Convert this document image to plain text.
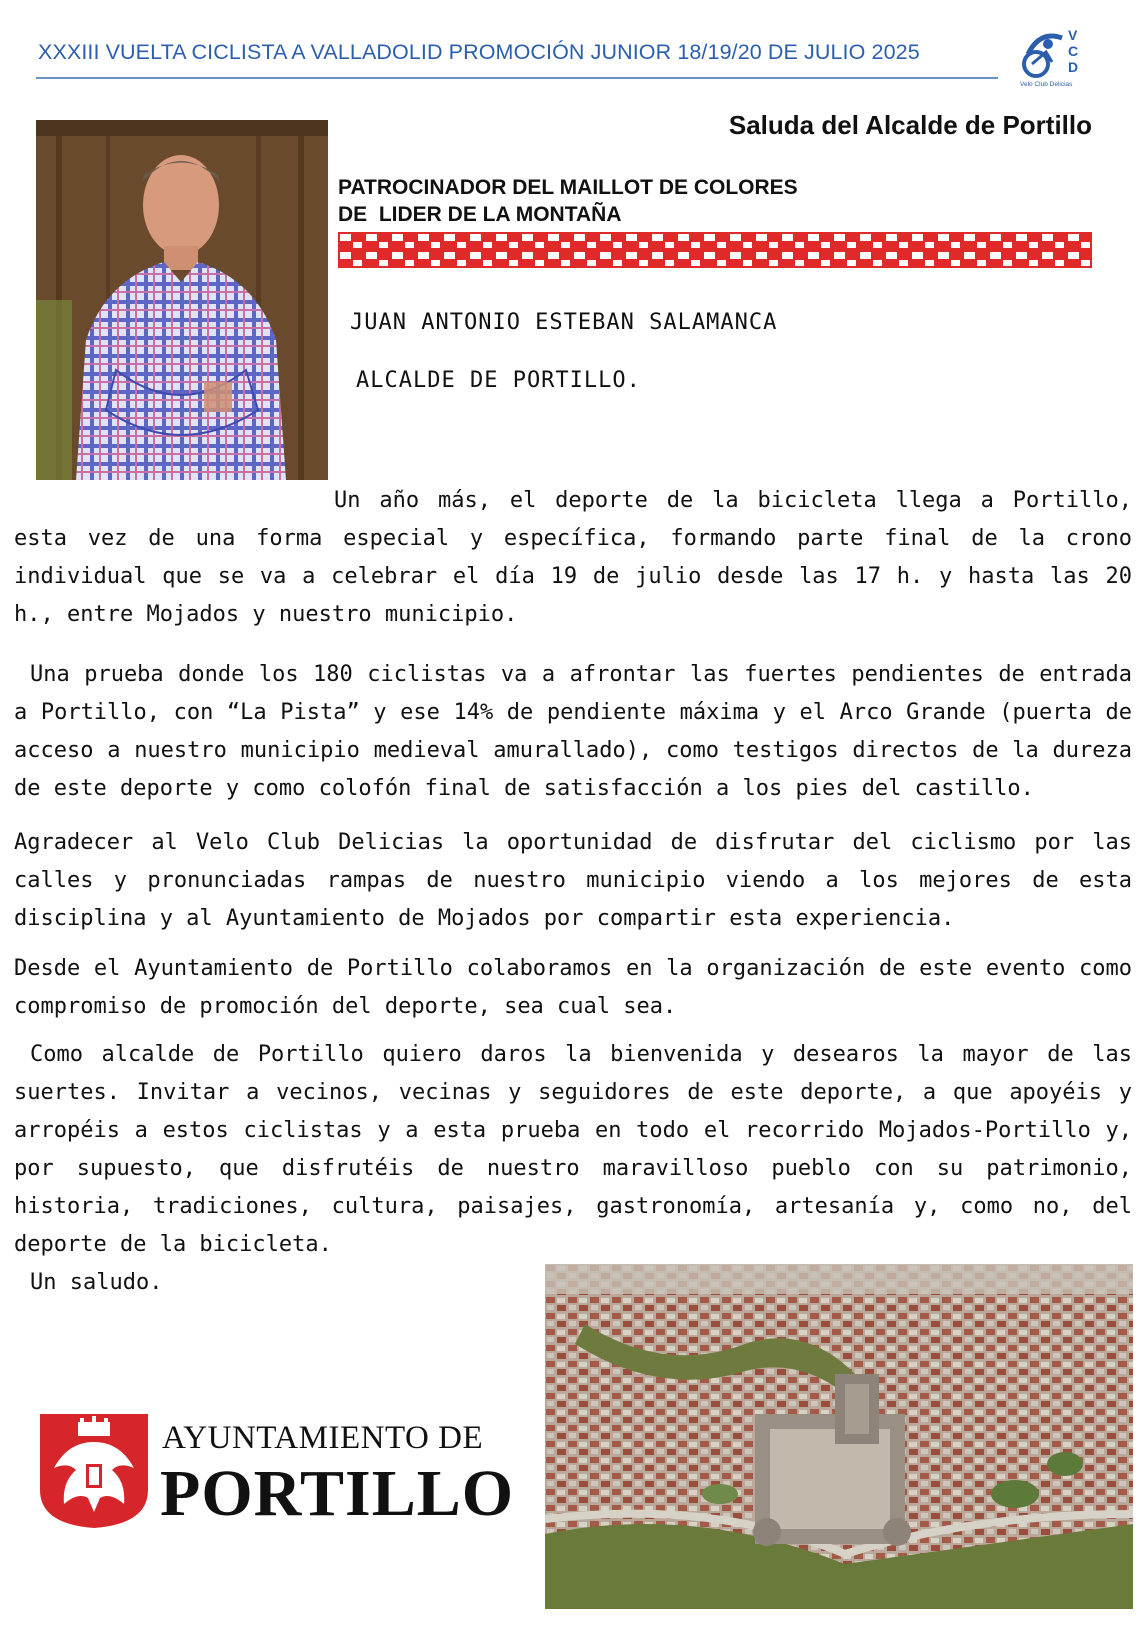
XXXIII VUELTA CICLISTA A VALLADOLID PROMOCIÓN JUNIOR 18/19/20 DE JULIO 2025
V
C
D
Velo Club Delicias
Saluda del Alcalde de Portillo
PATROCINADOR DEL MAILLOT DE COLORES
DE  LIDER DE LA MONTAÑA
JUAN ANTONIO ESTEBAN SALAMANCA
ALCALDE DE PORTILLO.
Un año más, el deporte de la bicicleta llega a Portillo, esta vez de una forma especial y específica, formando parte final de la crono individual que se va a celebrar el día 19 de julio desde las 17 h. y hasta las 20 h., entre Mojados y nuestro municipio.
Una prueba donde los 180 ciclistas va a afrontar las fuertes pendientes de entrada a Portillo, con “La Pista” y ese 14% de pendiente máxima y el Arco Grande (puerta de acceso a nuestro municipio medieval amurallado), como testigos directos de la dureza de este deporte y como colofón final de satisfacción a los pies del castillo.
Agradecer al Velo Club Delicias la oportunidad de disfrutar del ciclismo por las calles y pronunciadas rampas de nuestro municipio viendo a los mejores de esta disciplina y al Ayuntamiento de Mojados por compartir esta experiencia.
Desde el Ayuntamiento de Portillo colaboramos en la organización de este evento como compromiso de promoción del deporte, sea cual sea.
Como alcalde de Portillo quiero daros la bienvenida y desearos la mayor de las suertes. Invitar a vecinos, vecinas y seguidores de este deporte, a que apoyéis y arropéis a estos ciclistas y a esta prueba en todo el recorrido Mojados-Portillo y, por supuesto, que disfrutéis de nuestro maravilloso pueblo con su patrimonio, historia, tradiciones, cultura, paisajes, gastronomía, artesanía y, como no, del deporte de la bicicleta.
Un saludo.
AYUNTAMIENTO DE
PORTILLO
